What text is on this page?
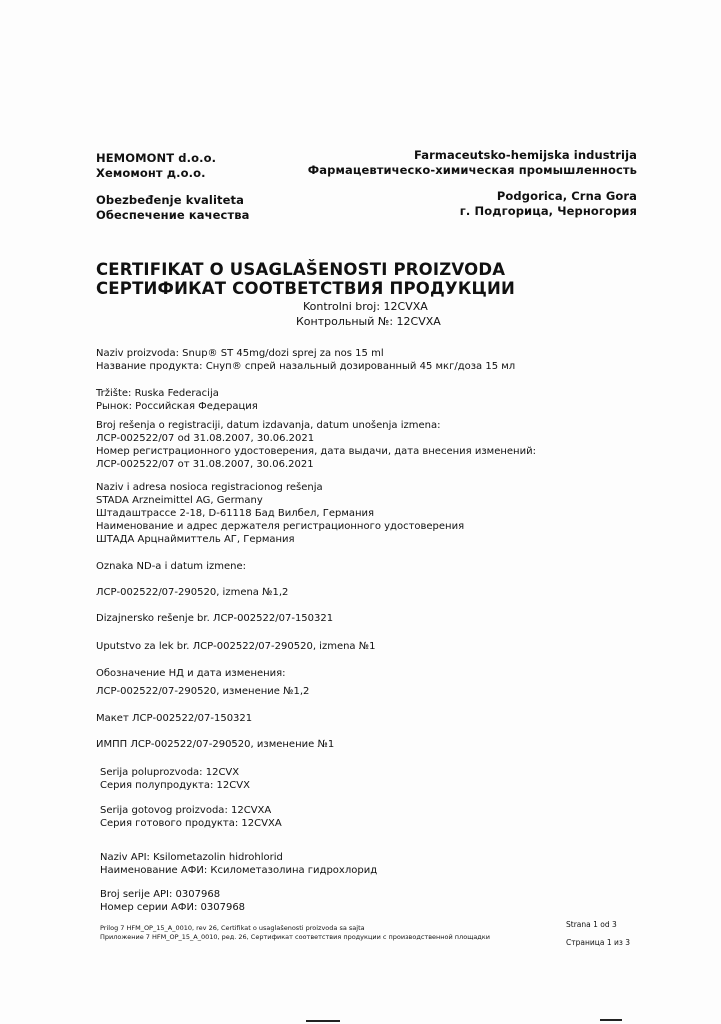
HEMOMONT d.o.o.
Хемомонт д.о.о.
Obezbeđenje kvaliteta
Обеспечение качества
Farmaceutsko-hemijska industrija
Фармацевтическо-химическая промышленность
Podgorica, Crna Gora
г. Подгорица, Черногория
CERTIFIKAT O USAGLAŠENOSTI PROIZVODA
СЕРТИФИКАТ СООТВЕТСТВИЯ ПРОДУКЦИИ
Kontrolni broj: 12CVXA
Контрольный №: 12CVXA
Naziv proizvoda: Snup® ST 45mg/dozi sprej za nos 15 ml
Название продукта: Снуп® спрей назальный дозированный 45 мкг/доза 15 мл
Tržište: Ruska Federacija
Рынок: Российская Федерация
Broj rešenja o registraciji, datum izdavanja, datum unošenja izmena:
ЛСР-002522/07 od 31.08.2007, 30.06.2021
Номер регистрационного удостоверения, дата выдачи, дата внесения изменений:
ЛСР-002522/07 от 31.08.2007, 30.06.2021
Naziv i adresa nosioca registracionog rešenja
STADA Arzneimittel AG, Germany
Штадаштрассе 2-18, D-61118 Бад Вилбел, Германия
Наименование и адрес держателя регистрационного удостоверения
ШТАДА Арцнаймиттель АГ, Германия
Oznaka ND-a i datum izmene:
ЛСР-002522/07-290520, izmena №1,2
Dizajnersko rešenje br. ЛСР-002522/07-150321
Uputstvo za lek br. ЛСР-002522/07-290520, izmena №1
Обозначение НД и дата изменения:
ЛСР-002522/07-290520, изменение №1,2
Макет ЛСР-002522/07-150321
ИМПП ЛСР-002522/07-290520, изменение №1
Serija poluprozvoda: 12CVX
Серия полупродукта: 12CVX
Serija gotovog proizvoda: 12CVXA
Серия готового продукта: 12CVXA
Naziv API: Ksilometazolin hidrohlorid
Наименование АФИ: Ксилометазолина гидрохлорид
Broj serije API: 0307968
Номер серии АФИ: 0307968
Prilog 7 HFM_OP_15_A_0010, rev 26, Certifikat o usaglašenosti proizvoda sa sajta
Приложение 7 HFM_OP_15_A_0010, ред. 26, Сертификат соответствия продукции с производственной площадки
Strana 1 od 3
Страница 1 из 3
